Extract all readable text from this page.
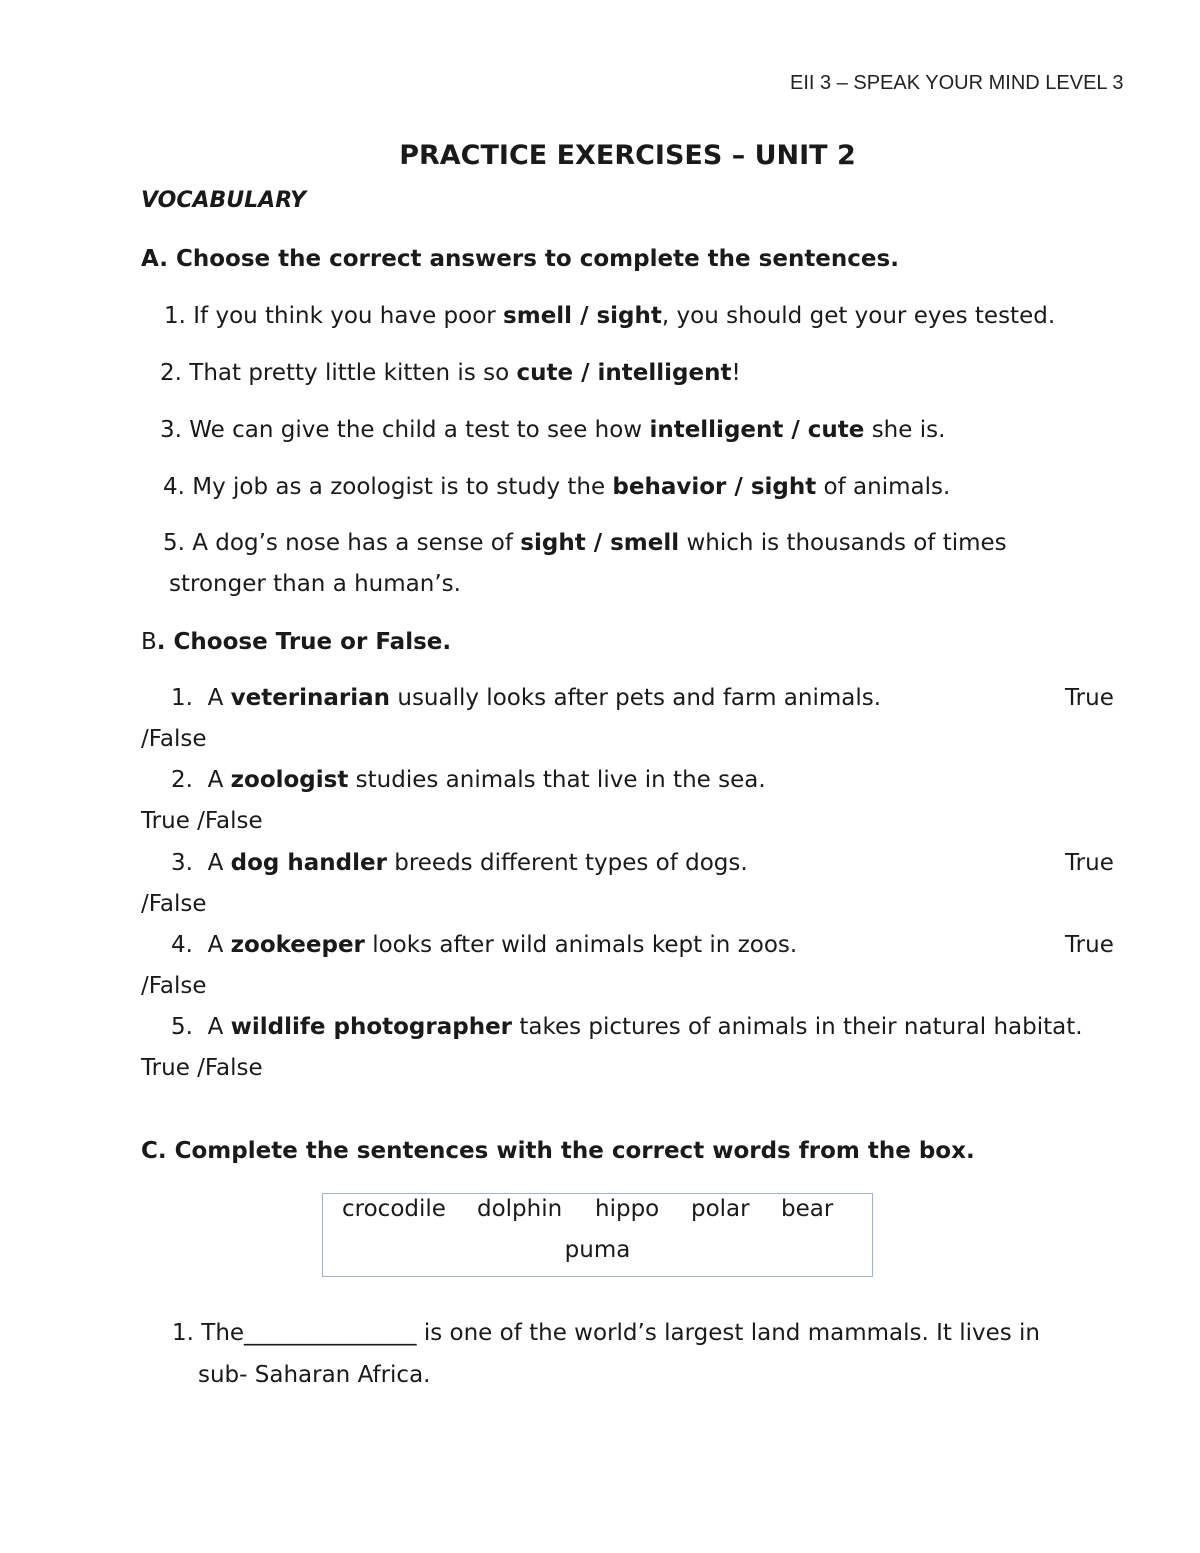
EII 3 – SPEAK YOUR MIND LEVEL 3
PRACTICE EXERCISES – UNIT 2
VOCABULARY
A. Choose the correct answers to complete the sentences.
1. If you think you have poor smell / sight, you should get your eyes tested.
2. That pretty little kitten is so cute / intelligent!
3. We can give the child a test to see how intelligent / cute she is.
4. My job as a zoologist is to study the behavior / sight of animals.
5. A dog’s nose has a sense of sight / smell which is thousands of times
stronger than a human’s.
B. Choose True or False.
1. A veterinarian usually looks after pets and farm animals.	True
/False
2. A zoologist studies animals that live in the sea.
True /False
3. A dog handler breeds different types of dogs.	True
/False
4. A zookeeper looks after wild animals kept in zoos.	True
/False
5. A wildlife photographer takes pictures of animals in their natural habitat.
True /False
C. Complete the sentences with the correct words from the box.
crocodile dolphin hippo polar bear
puma
1. The_______________ is one of the world’s largest land mammals. It lives in
sub- Saharan Africa.
